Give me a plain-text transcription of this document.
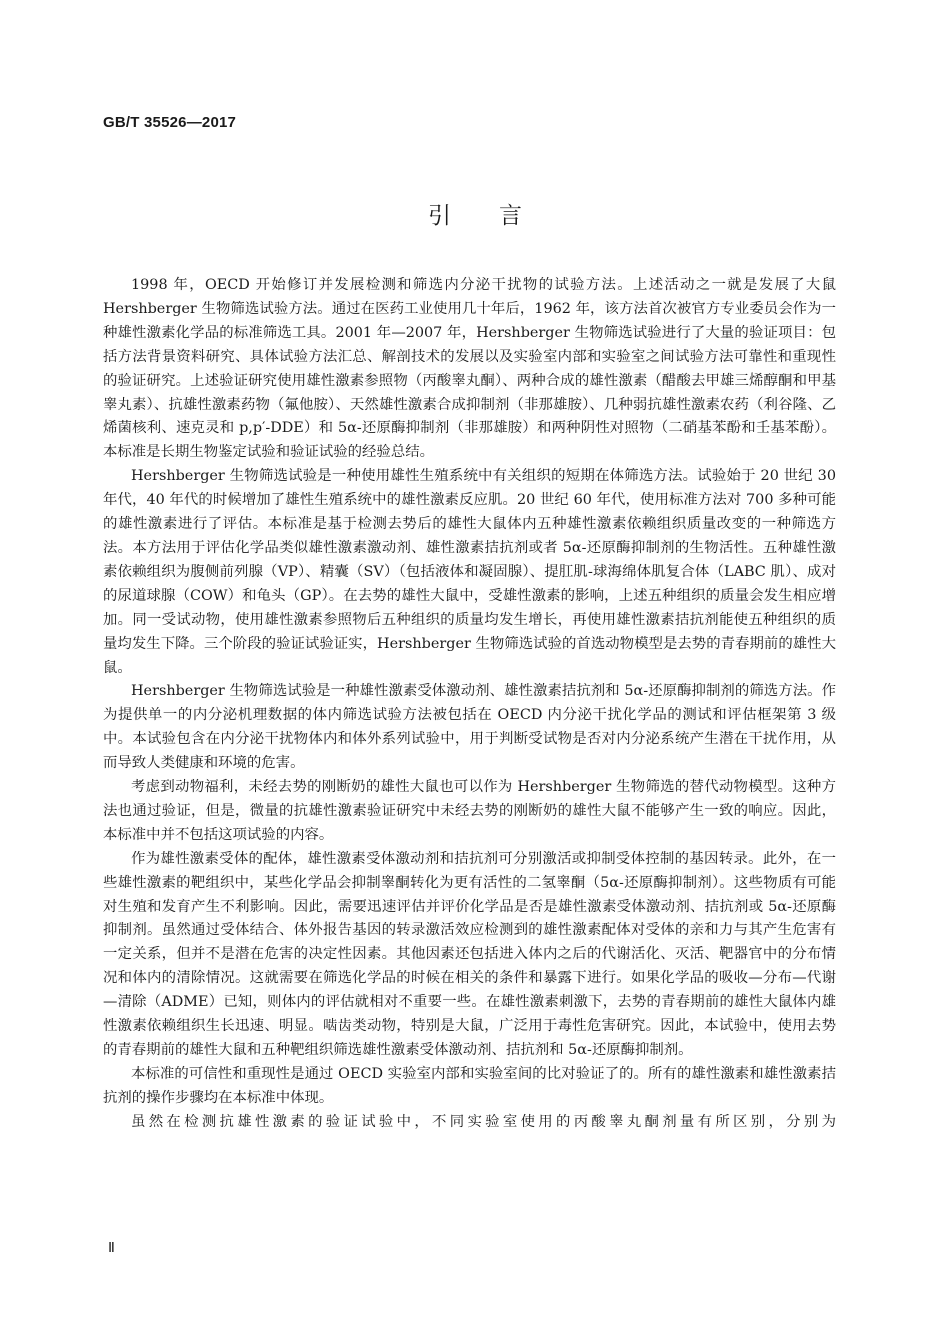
GB/T 35526—2017
引言

1998 年，OECD 开始修订并发展检测和筛选内分泌干扰物的试验方法。上述活动之一就是发展了大鼠 Hershberger 生物筛选试验方法。通过在医药工业使用几十年后，1962 年，该方法首次被官方专业委员会作为一种雄性激素化学品的标准筛选工具。2001 年—2007 年，Hershberger 生物筛选试验进行了大量的验证项目：包括方法背景资料研究、具体试验方法汇总、解剖技术的发展以及实验室内部和实验室之间试验方法可靠性和重现性的验证研究。上述验证研究使用雄性激素参照物（丙酸睾丸酮）、两种合成的雄性激素（醋酸去甲雄三烯醇酮和甲基睾丸素）、抗雄性激素药物（氟他胺）、天然雄性激素合成抑制剂（非那雄胺）、几种弱抗雄性激素农药（利谷隆、乙烯菌核利、速克灵和 p,p′-DDE）和 5α-还原酶抑制剂（非那雄胺）和两种阴性对照物（二硝基苯酚和壬基苯酚）。本标准是长期生物鉴定试验和验证试验的经验总结。

Hershberger 生物筛选试验是一种使用雄性生殖系统中有关组织的短期在体筛选方法。试验始于 20 世纪 30 年代，40 年代的时候增加了雄性生殖系统中的雄性激素反应肌。20 世纪 60 年代，使用标准方法对 700 多种可能的雄性激素进行了评估。本标准是基于检测去势后的雄性大鼠体内五种雄性激素依赖组织质量改变的一种筛选方法。本方法用于评估化学品类似雄性激素激动剂、雄性激素拮抗剂或者 5α-还原酶抑制剂的生物活性。五种雄性激素依赖组织为腹侧前列腺（VP）、精囊（SV）（包括液体和凝固腺）、提肛肌-球海绵体肌复合体（LABC 肌）、成对的尿道球腺（COW）和龟头（GP）。在去势的雄性大鼠中，受雄性激素的影响，上述五种组织的质量会发生相应增加。同一受试动物，使用雄性激素参照物后五种组织的质量均发生增长，再使用雄性激素拮抗剂能使五种组织的质量均发生下降。三个阶段的验证试验证实，Hershberger 生物筛选试验的首选动物模型是去势的青春期前的雄性大鼠。

Hershberger 生物筛选试验是一种雄性激素受体激动剂、雄性激素拮抗剂和 5α-还原酶抑制剂的筛选方法。作为提供单一的内分泌机理数据的体内筛选试验方法被包括在 OECD 内分泌干扰化学品的测试和评估框架第 3 级中。本试验包含在内分泌干扰物体内和体外系列试验中，用于判断受试物是否对内分泌系统产生潜在干扰作用，从而导致人类健康和环境的危害。

考虑到动物福利，未经去势的刚断奶的雄性大鼠也可以作为 Hershberger 生物筛选的替代动物模型。这种方法也通过验证，但是，微量的抗雄性激素验证研究中未经去势的刚断奶的雄性大鼠不能够产生一致的响应。因此，本标准中并不包括这项试验的内容。

作为雄性激素受体的配体，雄性激素受体激动剂和拮抗剂可分别激活或抑制受体控制的基因转录。此外，在一些雄性激素的靶组织中，某些化学品会抑制睾酮转化为更有活性的二氢睾酮（5α-还原酶抑制剂）。这些物质有可能对生殖和发育产生不利影响。因此，需要迅速评估并评价化学品是否是雄性激素受体激动剂、拮抗剂或 5α-还原酶抑制剂。虽然通过受体结合、体外报告基因的转录激活效应检测到的雄性激素配体对受体的亲和力与其产生危害有一定关系，但并不是潜在危害的决定性因素。其他因素还包括进入体内之后的代谢活化、灭活、靶器官中的分布情况和体内的清除情况。这就需要在筛选化学品的时候在相关的条件和暴露下进行。如果化学品的吸收—分布—代谢—清除（ADME）已知，则体内的评估就相对不重要一些。在雄性激素刺激下，去势的青春期前的雄性大鼠体内雄性激素依赖组织生长迅速、明显。啮齿类动物，特别是大鼠，广泛用于毒性危害研究。因此，本试验中，使用去势的青春期前的雄性大鼠和五种靶组织筛选雄性激素受体激动剂、拮抗剂和 5α-还原酶抑制剂。

本标准的可信性和重现性是通过 OECD 实验室内部和实验室间的比对验证了的。所有的雄性激素和雄性激素拮抗剂的操作步骤均在本标准中体现。

虽然在检测抗雄性激素的验证试验中，不同实验室使用的丙酸睾丸酮剂量有所区别，分别为

Ⅱ
